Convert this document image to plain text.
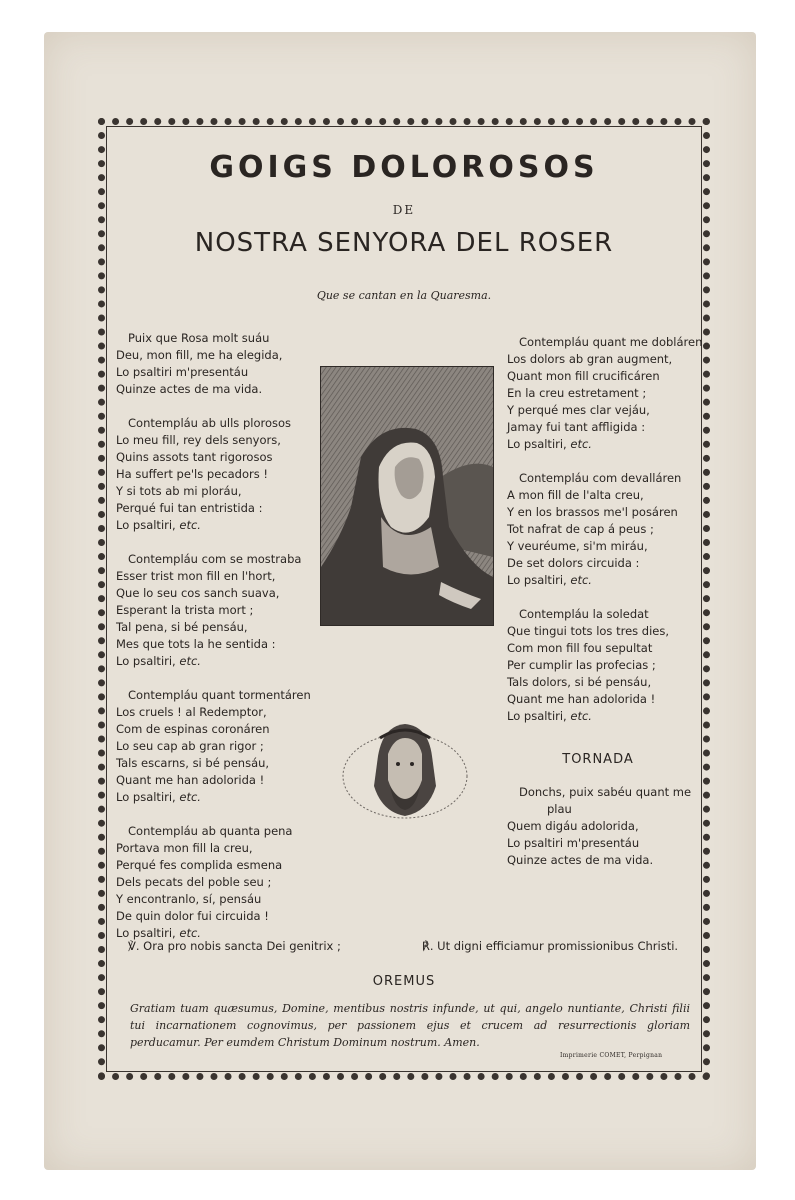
GOIGS DOLOROSOS
DE
NOSTRA SENYORA DEL ROSER
Que se cantan en la Quaresma.
Puix que Rosa molt suáu
Deu, mon fill, me ha elegida,
Lo psaltiri m'presentáu
Quinze actes de ma vida.
Contempláu ab ulls plorosos
Lo meu fill, rey dels senyors,
Quins assots tant rigorosos
Ha suffert pe'ls pecadors !
Y si tots ab mi ploráu,
Perqué fui tan entristida :
Lo psaltiri, etc.
Contempláu com se mostraba
Esser trist mon fill en l'hort,
Que lo seu cos sanch suava,
Esperant la trista mort ;
Tal pena, si bé pensáu,
Mes que tots la he sentida :
Lo psaltiri, etc.
Contempláu quant tormentáren
Los cruels ! al Redemptor,
Com de espinas coronáren
Lo seu cap ab gran rigor ;
Tals escarns, si bé pensáu,
Quant me han adolorida !
Lo psaltiri, etc.
Contempláu ab quanta pena
Portava mon fill la creu,
Perqué fes complida esmena
Dels pecats del poble seu ;
Y encontranlo, sí, pensáu
De quin dolor fui circuida !
Lo psaltiri, etc.
Contempláu quant me dobláren
Los dolors ab gran augment,
Quant mon fill crucificáren
En la creu estretament ;
Y perqué mes clar vejáu,
Jamay fui tant affligida :
Lo psaltiri, etc.
Contempláu com devalláren
A mon fill de l'alta creu,
Y en los brassos me'l posáren
Tot nafrat de cap á peus ;
Y veuréume, si'm miráu,
De set dolors circuida :
Lo psaltiri, etc.
Contempláu la soledat
Que tingui tots los tres dies,
Com mon fill fou sepultat
Per cumplir las profecias ;
Tals dolors, si bé pensáu,
Quant me han adolorida !
Lo psaltiri, etc.
TORNADA
Donchs, puix sabéu quant me
plau
Quem digáu adolorida,
Lo psaltiri m'presentáu
Quinze actes de ma vida.
℣. Ora pro nobis sancta Dei genitrix ;	℟. Ut digni efficiamur promissionibus Christi.
OREMUS
Gratiam tuam quæsumus, Domine, mentibus nostris infunde, ut qui, angelo nuntiante, Christi filii tui incarnationem cognovimus, per passionem ejus et crucem ad resurrectionis gloriam perducamur. Per eumdem Christum Dominum nostrum. Amen.
Imprimerie COMET, Perpignan
